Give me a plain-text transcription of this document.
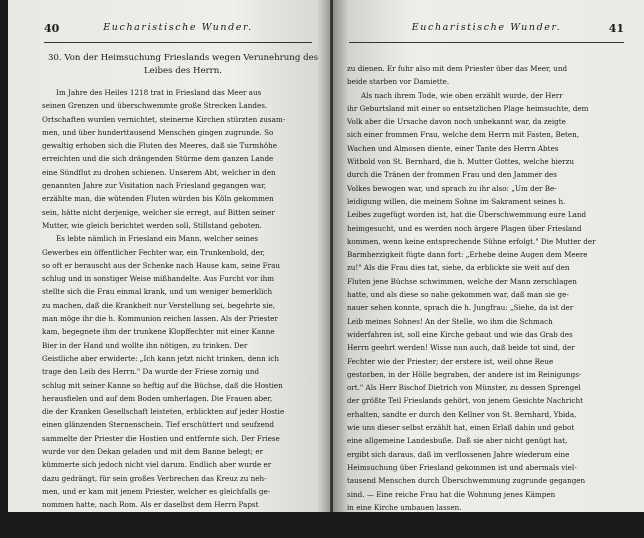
40	Eucharistische Wunder.
30. Von der Heimsuchung Frieslands wegen Verunehrung des Leibes des Herrn.
Im Jahre des Heiles 1218 trat in Friesland das Meer aus
seinen Grenzen und überschwemmte große Strecken Landes.
Ortschaften wurden vernichtet, steinerne Kirchen stürzten zusam-
men, und über hunderttausend Menschen gingen zugrunde. So
gewaltig erhoben sich die Fluten des Meeres, daß sie Turmhöhe
erreichten und die sich drängenden Stürme dem ganzen Lande
eine Sündflut zu drohen schienen. Unserem Abt, welcher in den
genannten Jahre zur Visitation nach Friesland gegangen war,
erzählte man, die wütenden Fluten würden bis Köln gekommen
sein, hätte nicht derjenige, welcher sie erregt, auf Bitten seiner
Mutter, wie gleich berichtet werden soll, Stillstand geboten.
Es lebte nämlich in Friesland ein Mann, welcher seines
Gewerbes ein öffentlicher Fechter war, ein Trunkenbold, der,
so oft er berauscht aus der Schenke nach Hause kam, seine Frau
schlug und in sonstiger Weise mißhandelte. Aus Furcht vor ihm
stellte sich die Frau einmal krank, und um weniger bemerklich
zu machen, daß die Krankheit nur Verstellung sei, begehrte sie,
man möge ihr die h. Kommunion reichen lassen. Als der Priester
kam, begegnete ihm der trunkene Klopffechter mit einer Kanne
Bier in der Hand und wollte ihn nötigen, zu trinken. Der
Geistliche aber erwiderte: „Ich kann jetzt nicht trinken, denn ich
trage den Leib des Herrn." Da wurde der Friese zornig und
schlug mit seiner Kanne so heftig auf die Büchse, daß die Hostien
herausfielen und auf dem Boden umherlagen. Die Frauen aber,
die der Kranken Gesellschaft leisteten, erblickten auf jeder Hostie
einen glänzenden Sternenschein. Tief erschüttert und seufzend
sammelte der Priester die Hostien und entfernte sich. Der Friese
wurde vor den Dekan geladen und mit dem Banne belegt; er
kümmerte sich jedoch nicht viel darum. Endlich aber wurde er
dazu gedrängt, für sein großes Verbrechen das Kreuz zu neh-
men, und er kam mit jenem Priester, welcher es gleichfalls ge-
nommen hatte, nach Rom. Als er daselbst dem Herrn Papst
Honorius (III.) beichtete, legte dieser ihm die Buße auf, über
das Meer zu fahren und drei Jahre lang unter Christi Fahnen
Eucharistische Wunder.	41
zu dienen. Er fuhr also mit dem Priester über das Meer, und
beide starben vor Damiette.
Als nach ihrem Tode, wie oben erzählt wurde, der Herr
ihr Geburtsland mit einer so entsetzlichen Plage heimsuchte, dem
Volk aber die Ursache davon noch unbekannt war, da zeigte
sich einer frommen Frau, welche dem Herrn mit Fasten, Beten,
Wachen und Almosen diente, einer Tante des Herrn Abtes
Witbold von St. Bernhard, die h. Mutter Gottes, welche hierzu
durch die Tränen der frommen Frau und den Jammer des
Volkes bewogen war, und sprach zu ihr also: „Um der Be-
leidigung willen, die meinem Sohne im Sakrament seines h.
Leibes zugefügt worden ist, hat die Überschwemmung eure Land
heimgesucht, und es werden noch ärgere Plagen über Friesland
kommen, wenn keine entsprechende Sühne erfolgt." Die Mutter der
Barmherzigkeit fügte dann fort: „Erhebe deine Augen dem Meere
zu!" Als die Frau dies tat, siehe, da erblickte sie weit auf den
Fluten jene Büchse schwimmen, welche der Mann zerschlagen
hatte, und als diese so nahe gekommen war, daß man sie ge-
nauer sehen konnte, sprach die h. Jungfrau: „Siehe, da ist der
Leib meines Sohnes! An der Stelle, wo ihm die Schmach
widerfahren ist, soll eine Kirche gebaut und wie das Grab des
Herrn geehrt werden! Wisse nun auch, daß beide tot sind, der
Fechter wie der Priester; der erstere ist, weil ohne Reue
gestorben, in der Hölle begraben, der andere ist im Reinigungs-
ort." Als Herr Bischof Dietrich von Münster, zu dessen Sprengel
der größte Teil Frieslands gehört, von jenem Gesichte Nachricht
erhalten, sandte er durch den Kellner von St. Bernhard, Ybida,
wie uns dieser selbst erzählt hat, einen Erlaß dahin und gebot
eine allgemeine Landesbuße. Daß sie aber nicht genügt hat,
ergibt sich daraus, daß im verflossenen Jahre wiederum eine
Heimsuchung über Friesland gekommen ist und abermals viel-
tausend Menschen durch Überschwemmung zugrunde gegangen
sind. — Eine reiche Frau hat die Wohnung jenes Kämpen
in eine Kirche umbauen lassen.
